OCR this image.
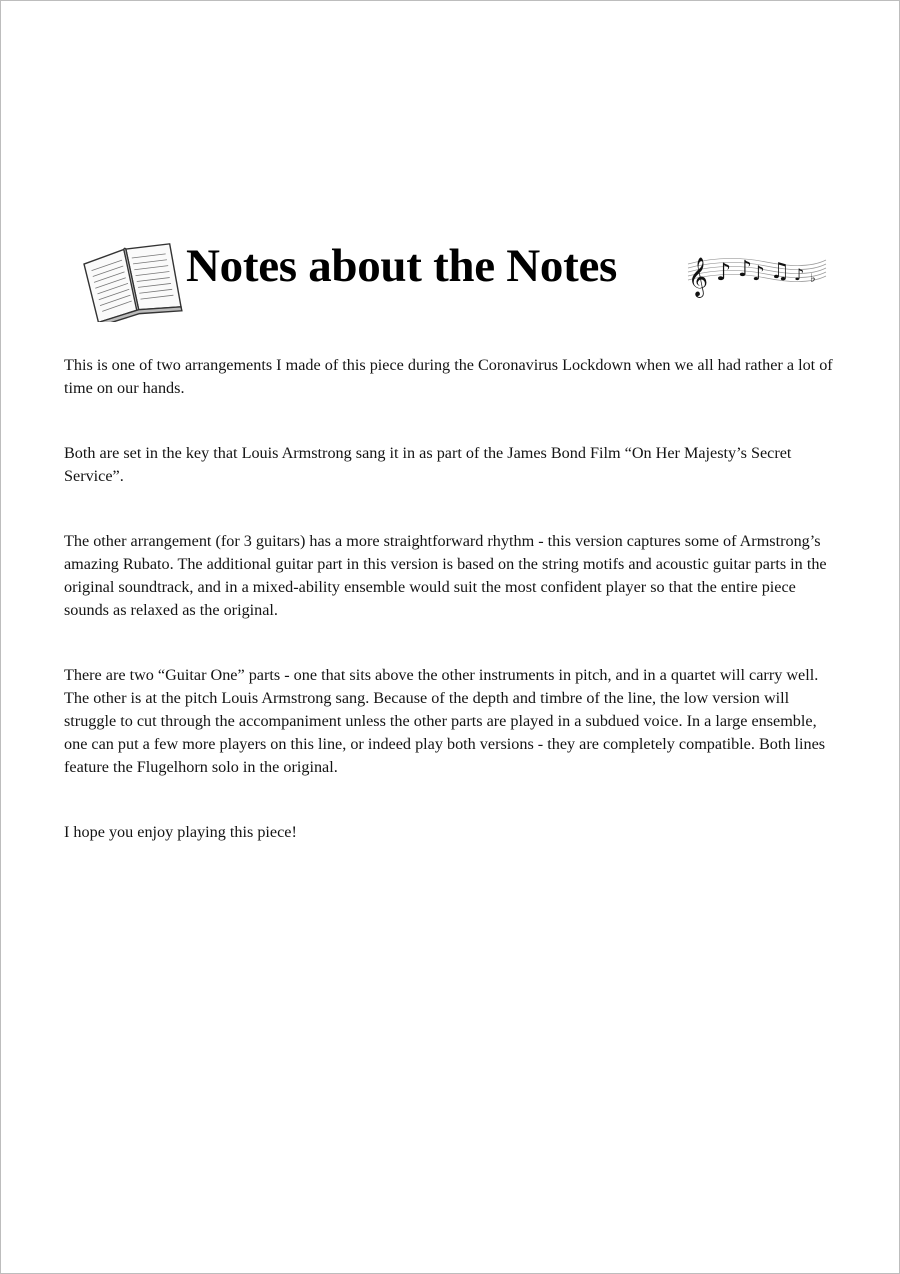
Notes about the Notes 𝄞 ♪ ♪ ♪ ♫ ♪ ♭

This is one of two arrangements I made of this piece during the Coronavirus Lockdown when we all had rather a lot of time on our hands.

Both are set in the key that Louis Armstrong sang it in as part of the James Bond Film “On Her Majesty’s Secret Service”.

The other arrangement (for 3 guitars) has a more straightforward rhythm - this version captures some of Armstrong’s amazing Rubato. The additional guitar part in this version is based on the string motifs and acoustic guitar parts in the original soundtrack, and in a mixed-ability ensemble would suit the most confident player so that the entire piece sounds as relaxed as the original.

There are two “Guitar One” parts - one that sits above the other instruments in pitch, and in a quartet will carry well. The other is at the pitch Louis Armstrong sang. Because of the depth and timbre of the line, the low version will struggle to cut through the accompaniment unless the other parts are played in a subdued voice. In a large ensemble, one can put a few more players on this line, or indeed play both versions - they are completely compatible. Both lines feature the Flugelhorn solo in the original.

I hope you enjoy playing this piece!
